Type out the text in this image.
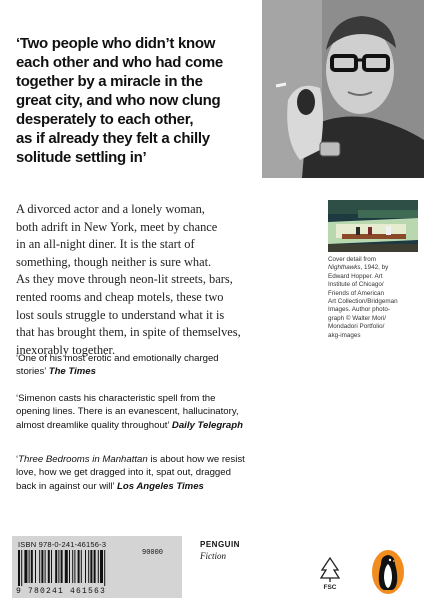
‘Two people who didn’t know
each other and who had come
together by a miracle in the
great city, and who now clung
desperately to each other,
as if already they felt a chilly
solitude settling in’
A divorced actor and a lonely woman,
both adrift in New York, meet by chance
in an all-night diner. It is the start of
something, though neither is sure what.
As they move through neon-lit streets, bars,
rented rooms and cheap motels, these two
lost souls struggle to understand what it is
that has brought them, in spite of themselves,
inexorably together.
Cover detail from
Nighthawks, 1942, by
Edward Hopper. Art
Institute of Chicago/
Friends of American
Art Collection/Bridgeman
Images. Author photo-
graph © Walter Mori/
Mondadori Portfolio/
akg-images
‘One of his most erotic and emotionally charged
stories’ The Times
‘Simenon casts his characteristic spell from the
opening lines. There is an evanescent, hallucinatory,
almost dreamlike quality throughout’ Daily Telegraph
‘Three Bedrooms in Manhattan is about how we resist
love, how we get dragged into it, spat out, dragged
back in against our will’ Los Angeles Times
ISBN 978-0-241-46156-3
90000
9 780241 461563
PENGUIN
Fiction
FSC
